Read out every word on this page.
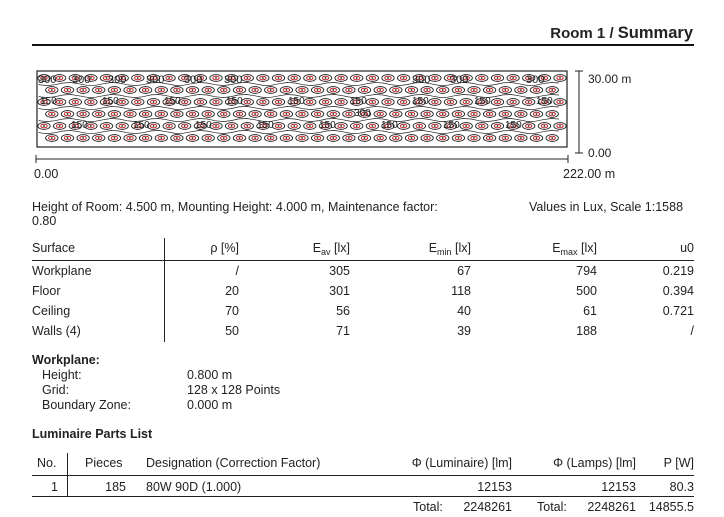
Room 1 / Summary
300 300 300 300 300 300	300 300	300
150
150
150
150
150
150
150
150
150
150
150
150
150
150
150
150
150
300
30.00 m
0.00
0.00	222.00 m
Height of Room: 4.500 m, Mounting Height: 4.000 m, Maintenance factor:
0.80
Values in Lux, Scale 1:1588
Surface	ρ [%]	$E_{av}$ [lx]	$E_{min}$ [lx]	$E_{max}$ [lx]	u0
Workplane	/	305	67	794	0.219
Floor	20	301	118	500	0.394
Ceiling	70	56	40	61	0.721
Walls (4)	50	71	39	188	/
Workplane:
Height:	0.800 m
Grid:	128 x 128 Points
Boundary Zone:	0.000 m
Luminaire Parts List
No. Pieces Designation (Correction Factor)	Φ (Luminaire) [lm]	Φ (Lamps) [lm]	P [W]
1	185 80W 90D (1.000)	12153	12153	80.3
Total:	2248261 Total:	2248261	14855.5
